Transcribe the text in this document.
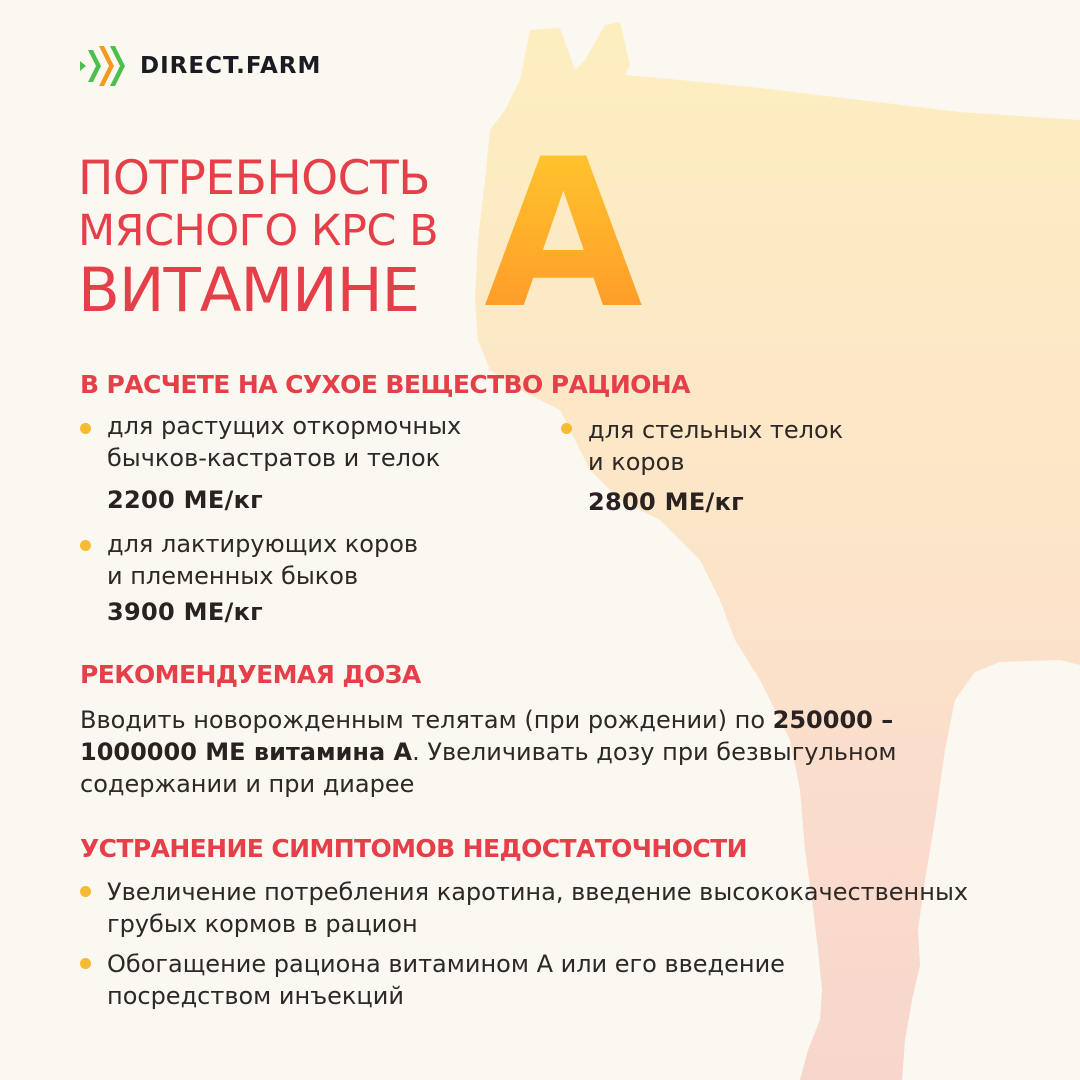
DIRECT.FARM
ПОТРЕБНОСТЬ
МЯСНОГО КРС В
ВИТАМИНЕ A
В РАСЧЕТЕ НА СУХОЕ ВЕЩЕСТВО РАЦИОНА
для растущих откормочных
бычков-кастратов и телок
2200 МЕ/кг
для лактирующих коров
и племенных быков
3900 МЕ/кг
для стельных телок
и коров
2800 МЕ/кг
РЕКОМЕНДУЕМАЯ ДОЗА
Вводить новорожденным телятам (при рождении) по 250000 –
1000000 МЕ витамина А. Увеличивать дозу при безвыгульном
содержании и при диарее
УСТРАНЕНИЕ СИМПТОМОВ НЕДОСТАТОЧНОСТИ
Увеличение потребления каротина, введение высококачественных
грубых кормов в рацион
Обогащение рациона витамином А или его введение
посредством инъекций
